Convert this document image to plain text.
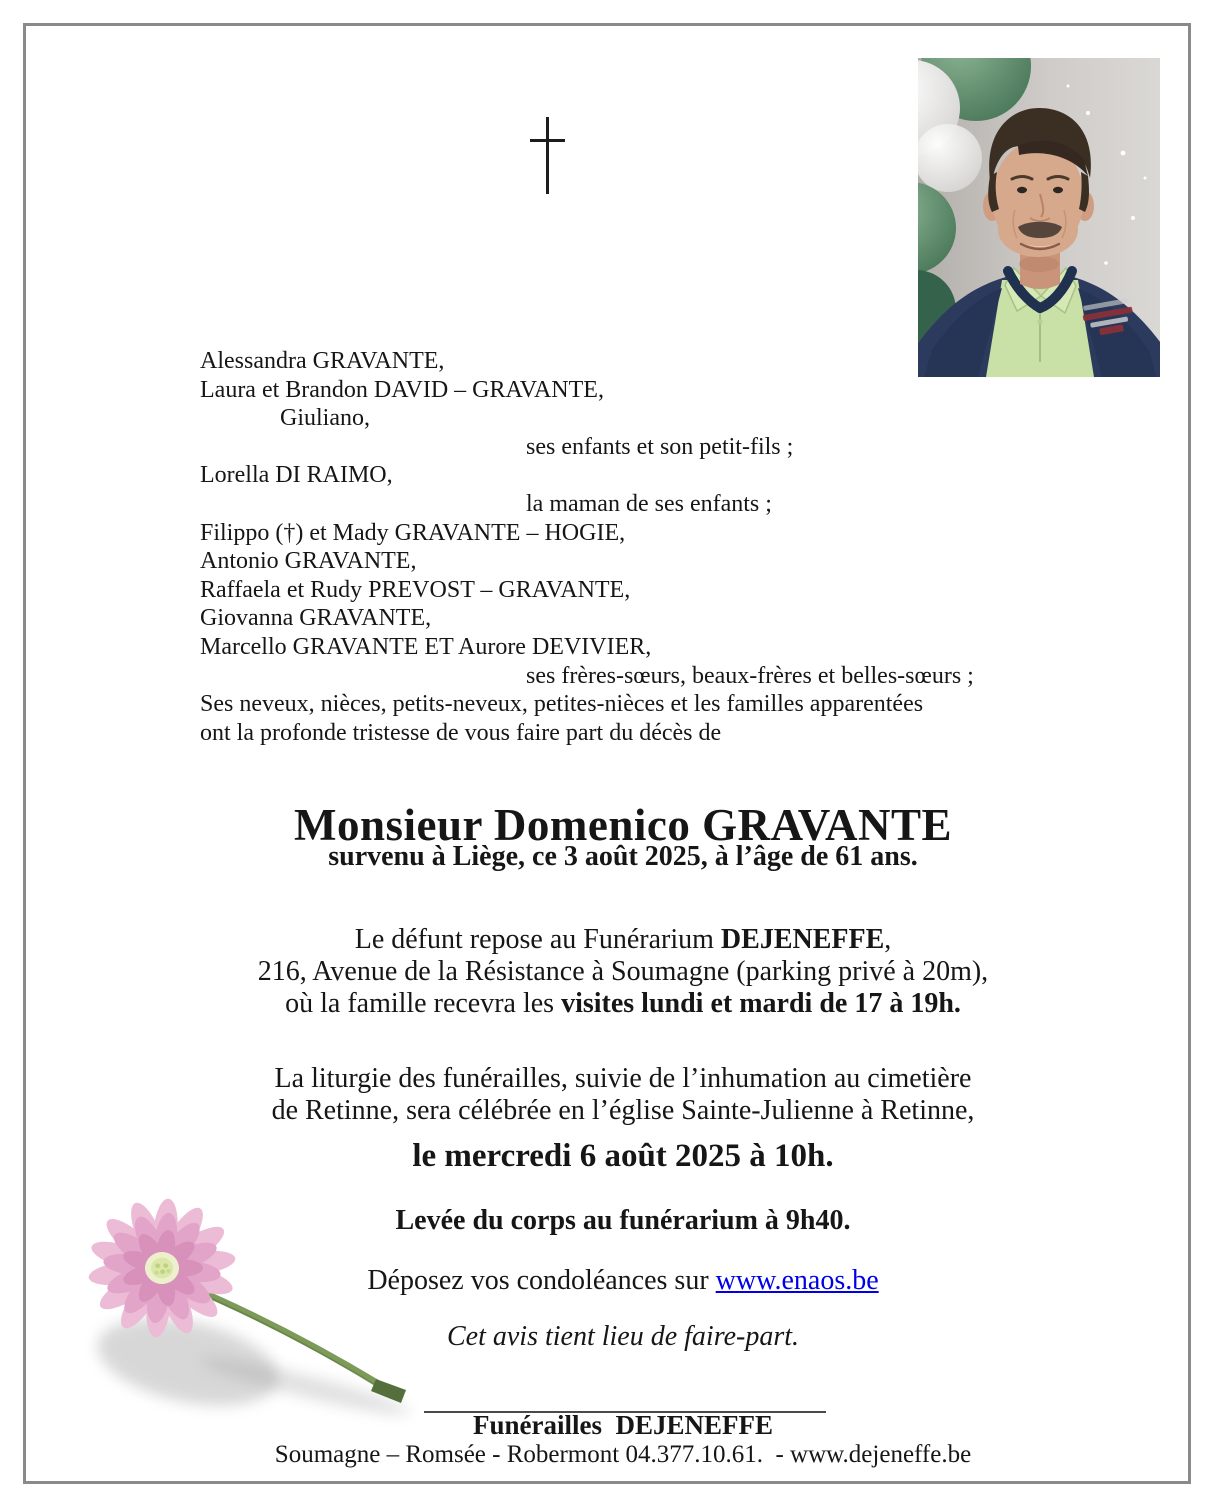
Alessandra GRAVANTE,
Laura et Brandon DAVID – GRAVANTE,
Giuliano,
ses enfants et son petit-fils ;
Lorella DI RAIMO,
la maman de ses enfants ;
Filippo (†) et Mady GRAVANTE – HOGIE,
Antonio GRAVANTE,
Raffaela et Rudy PREVOST – GRAVANTE,
Giovanna GRAVANTE,
Marcello GRAVANTE ET Aurore DEVIVIER,
ses frères-sœurs, beaux-frères et belles-sœurs ;
Ses neveux, nièces, petits-neveux, petites-nièces et les familles apparentées
ont la profonde tristesse de vous faire part du décès de
Monsieur Domenico GRAVANTE
survenu à Liège, ce 3 août 2025, à l’âge de 61 ans.
Le défunt repose au Funérarium DEJENEFFE,
216, Avenue de la Résistance à Soumagne (parking privé à 20m),
où la famille recevra les visites lundi et mardi de 17 à 19h.
La liturgie des funérailles, suivie de l’inhumation au cimetière
de Retinne, sera célébrée en l’église Sainte-Julienne à Retinne,
le mercredi 6 août 2025 à 10h.
Levée du corps au funérarium à 9h40.
Déposez vos condoléances sur www.enaos.be
Cet avis tient lieu de faire-part.
Funérailles  DEJENEFFE
Soumagne – Romsée - Robermont 04.377.10.61.  - www.dejeneffe.be
